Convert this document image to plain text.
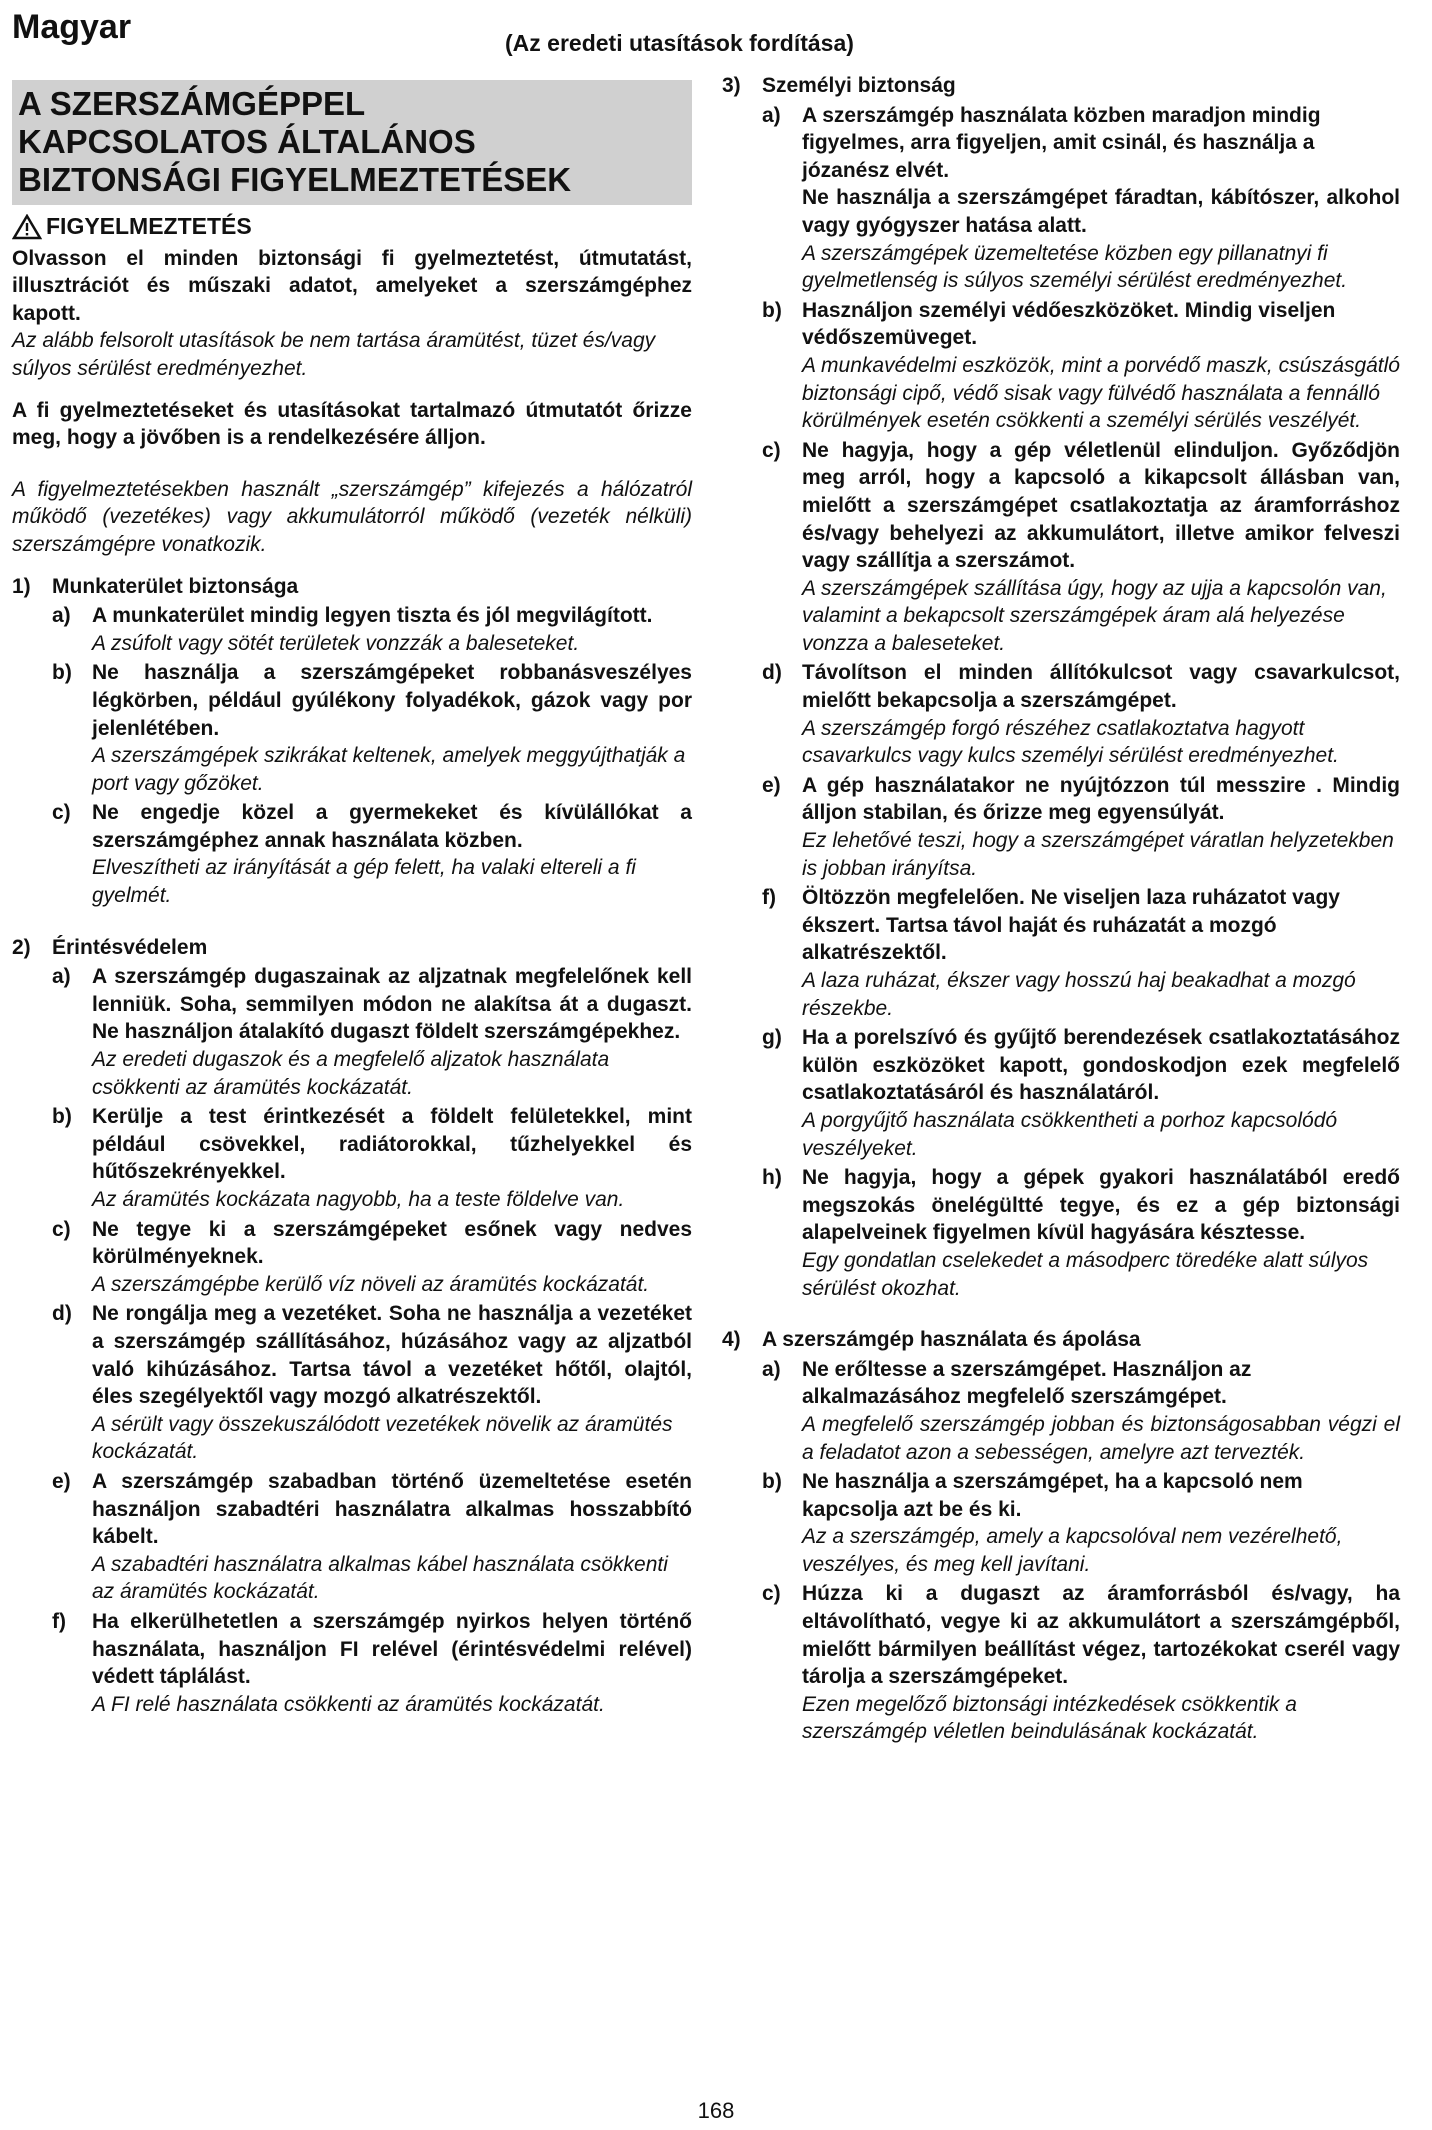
Magyar	(Az eredeti utasítások fordítása)
A SZERSZÁMGÉPPEL
KAPCSOLATOS ÁLTALÁNOS
BIZTONSÁGI FIGYELMEZTETÉSEK
FIGYELMEZTETÉS

Olvasson el minden biztonsági fi gyelmeztetést, útmutatást, illusztrációt és műszaki adatot, amelyeket a szerszámgéphez kapott.

Az alább felsorolt utasítások be nem tartása áramütést, tüzet és/vagy súlyos sérülést eredményezhet.

A fi gyelmeztetéseket és utasításokat tartalmazó útmutatót őrizze meg, hogy a jövőben is a rendelkezésére álljon.

A figyelmeztetésekben használt „szerszámgép” kifejezés a hálózatról működő (vezetékes) vagy akkumulátorról működő (vezeték nélküli) szerszámgépre vonatkozik.

1)	Munkaterület biztonsága
a)	A munkaterület mindig legyen tiszta és jól megvilágított.

A zsúfolt vagy sötét területek vonzzák a baleseteket.

b) Ne használja a szerszámgépeket robbanásveszélyes légkörben, például gyúlékony folyadékok, gázok vagy por jelenlétében.

A szerszámgépek szikrákat keltenek, amelyek meggyújthatják a port vagy gőzöket.

c)	Ne engedje közel a gyermekeket és kívülállókat a szerszámgéphez annak használata közben.

Elveszítheti az irányítását a gép felett, ha valaki eltereli a fi gyelmét.

2)	Érintésvédelem
a)	A szerszámgép dugaszainak az aljzatnak megfelelőnek kell lenniük. Soha, semmilyen módon ne alakítsa át a dugaszt. Ne használjon átalakító dugaszt földelt szerszámgépekhez.

Az eredeti dugaszok és a megfelelő aljzatok használata csökkenti az áramütés kockázatát.

b) Kerülje a test érintkezését a földelt felületekkel, mint például csövekkel, radiátorokkal, tűzhelyekkel és hűtőszekrényekkel.

Az áramütés kockázata nagyobb, ha a teste földelve van.

c)	Ne tegye ki a szerszámgépeket esőnek vagy nedves körülményeknek.

A szerszámgépbe kerülő víz növeli az áramütés kockázatát.

d) Ne rongálja meg a vezetéket. Soha ne használja a vezetéket a szerszámgép szállításához, húzásához vagy az aljzatból való kihúzásához. Tartsa távol a vezetéket hőtől, olajtól, éles szegélyektől vagy mozgó alkatrészektől.

A sérült vagy összekuszálódott vezetékek növelik az áramütés kockázatát.

e)	A szerszámgép szabadban történő üzemeltetése esetén használjon szabadtéri használatra alkalmas hosszabbító kábelt.

A szabadtéri használatra alkalmas kábel használata csökkenti az áramütés kockázatát.

f)	Ha elkerülhetetlen a szerszámgép nyirkos helyen történő használata, használjon FI relével (érintésvédelmi relével) védett táplálást.

A FI relé használata csökkenti az áramütés kockázatát.

3)	Személyi biztonság
a)	A szerszámgép használata közben maradjon mindig figyelmes, arra figyeljen, amit csinál, és használja a józanész elvét.
Ne használja a szerszámgépet fáradtan, kábítószer, alkohol vagy gyógyszer hatása alatt.

A szerszámgépek üzemeltetése közben egy pillanatnyi fi gyelmetlenség is súlyos személyi sérülést eredményezhet.

b) Használjon személyi védőeszközöket. Mindig viseljen védőszemüveget.

A munkavédelmi eszközök, mint a porvédő maszk, csúszásgátló biztonsági cipő, védő sisak vagy fülvédő használata a fennálló körülmények esetén csökkenti a személyi sérülés veszélyét.

c)	Ne hagyja, hogy a gép véletlenül elinduljon. Győződjön meg arról, hogy a kapcsoló a kikapcsolt állásban van, mielőtt a szerszámgépet csatlakoztatja az áramforráshoz és/vagy behelyezi az akkumulátort, illetve amikor felveszi vagy szállítja a szerszámot.

A szerszámgépek szállítása úgy, hogy az ujja a kapcsolón van, valamint a bekapcsolt szerszámgépek áram alá helyezése vonzza a baleseteket.

d) Távolítson el minden állítókulcsot vagy csavarkulcsot, mielőtt bekapcsolja a szerszámgépet.

A szerszámgép forgó részéhez csatlakoztatva hagyott csavarkulcs vagy kulcs személyi sérülést eredményezhet.

e)	A gép használatakor ne nyújtózzon túl messzire . Mindig álljon stabilan, és őrizze meg egyensúlyát.

Ez lehetővé teszi, hogy a szerszámgépet váratlan helyzetekben is jobban irányítsa.

f)	Öltözzön megfelelően. Ne viseljen laza ruházatot vagy ékszert. Tartsa távol haját és ruházatát a mozgó alkatrészektől.

A laza ruházat, ékszer vagy hosszú haj beakadhat a mozgó részekbe.

g) Ha a porelszívó és gyűjtő berendezések csatlakoztatásához külön eszközöket kapott, gondoskodjon ezek megfelelő csatlakoztatásáról és használatáról.

A porgyűjtő használata csökkentheti a porhoz kapcsolódó veszélyeket.

h) Ne hagyja, hogy a gépek gyakori használatából eredő megszokás önelégültté tegye, és ez a gép biztonsági alapelveinek figyelmen kívül hagyására késztesse.

Egy gondatlan cselekedet a másodperc töredéke alatt súlyos sérülést okozhat.

4)	A szerszámgép használata és ápolása
a)	Ne erőltesse a szerszámgépet. Használjon az alkalmazásához megfelelő szerszámgépet.

A megfelelő szerszámgép jobban és biztonságosabban végzi el a feladatot azon a sebességen, amelyre azt tervezték.

b) Ne használja a szerszámgépet, ha a kapcsoló nem kapcsolja azt be és ki.

Az a szerszámgép, amely a kapcsolóval nem vezérelhető, veszélyes, és meg kell javítani.

c)	Húzza ki a dugaszt az áramforrásból és/vagy, ha eltávolítható, vegye ki az akkumulátort a szerszámgépből, mielőtt bármilyen beállítást végez, tartozékokat cserél vagy tárolja a szerszámgépeket.

Ezen megelőző biztonsági intézkedések csökkentik a szerszámgép véletlen beindulásának kockázatát.

168
